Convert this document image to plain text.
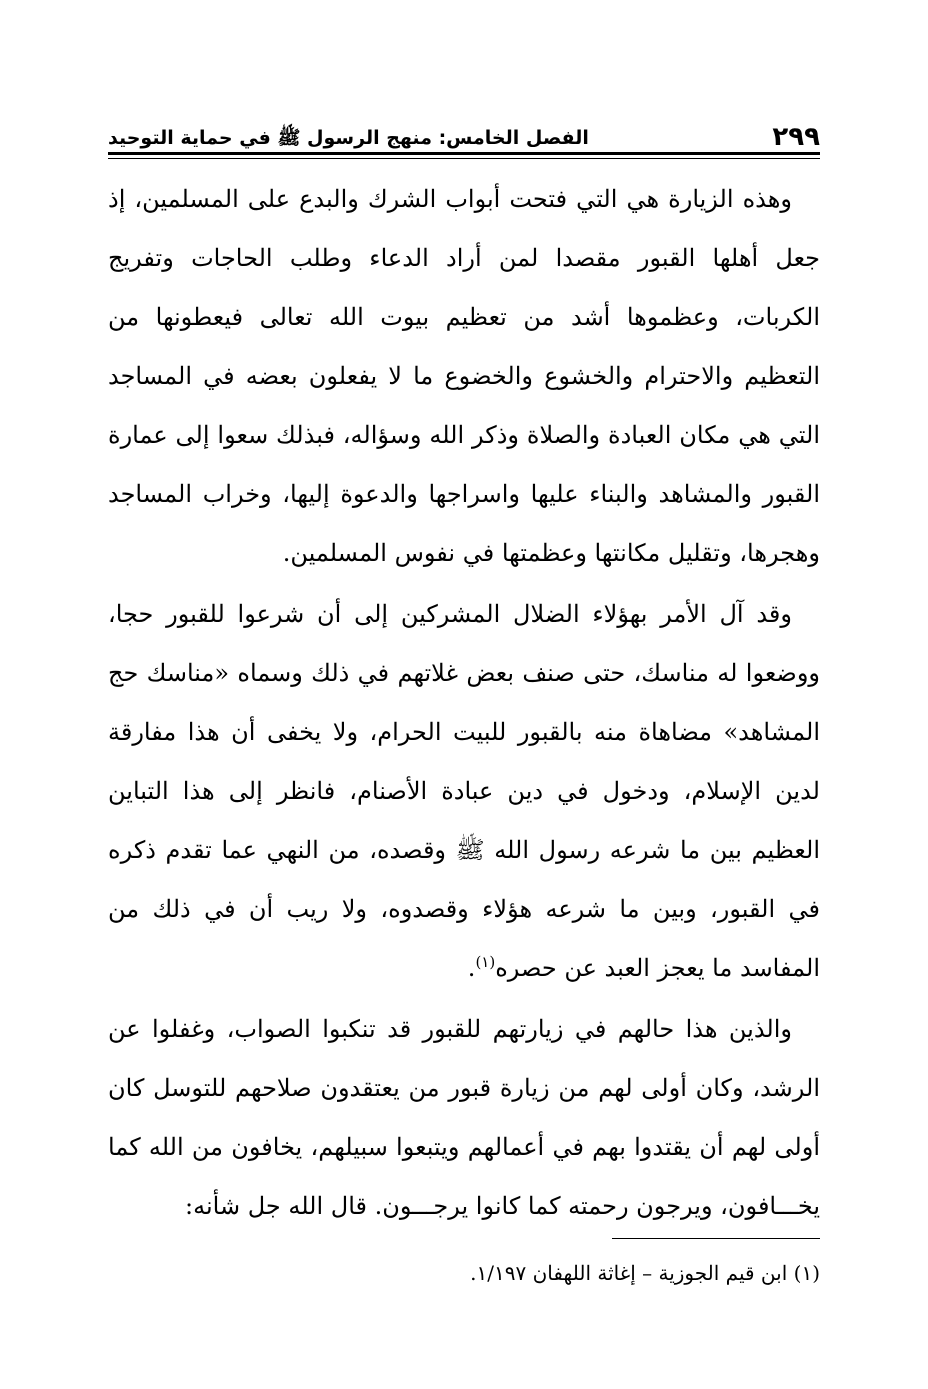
٢٩٩
الفصل الخامس: منهج الرسول ﷺ في حماية التوحيد

وهذه الزيارة هي التي فتحت أبواب الشرك والبدع على المسلمين، إذ جعل أهلها القبور مقصدا لمن أراد الدعاء وطلب الحاجات وتفريج الكربات، وعظموها أشد من تعظيم بيوت الله تعالى فيعطونها من التعظيم والاحترام والخشوع والخضوع ما لا يفعلون بعضه في المساجد التي هي مكان العبادة والصلاة وذكر الله وسؤاله، فبذلك سعوا إلى عمارة القبور والمشاهد والبناء عليها واسراجها والدعوة إليها، وخراب المساجد وهجرها، وتقليل مكانتها وعظمتها في نفوس المسلمين.

وقد آل الأمر بهؤلاء الضلال المشركين إلى أن شرعوا للقبور حجا، ووضعوا له مناسك، حتى صنف بعض غلاتهم في ذلك وسماه «مناسك حج المشاهد» مضاهاة منه بالقبور للبيت الحرام، ولا يخفى أن هذا مفارقة لدين الإسلام، ودخول في دين عبادة الأصنام، فانظر إلى هذا التباين العظيم بين ما شرعه رسول الله ﷺ وقصده، من النهي عما تقدم ذكره في القبور، وبين ما شرعه هؤلاء وقصدوه، ولا ريب أن في ذلك من المفاسد ما يعجز العبد عن حصره$^{(١)}$.

والذين هذا حالهم في زيارتهم للقبور قد تنكبوا الصواب، وغفلوا عن الرشد، وكان أولى لهم من زيارة قبور من يعتقدون صلاحهم للتوسل كان أولى لهم أن يقتدوا بهم في أعمالهم ويتبعوا سبيلهم، يخافون من الله كما يخـــافون، ويرجون رحمته كما كانوا يرجـــون. قال الله جل شأنه:

(١) ابن قيم الجوزية – إغاثة اللهفان ١/١٩٧.
